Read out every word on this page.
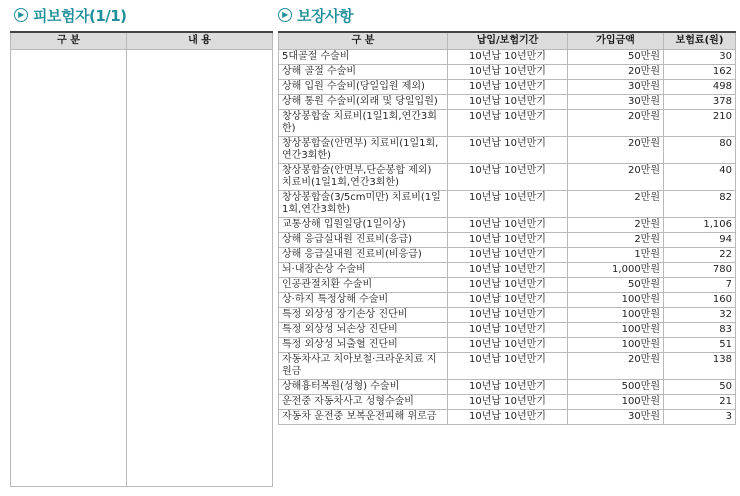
▶ 피보험자(1/1)	▶ 보장사항
구 분	내 용
		구 분	납입/보험기간	가입금액	보험료(원)
5대골절 수술비	10년납 10년만기	50만원	30
상해 골절 수술비	10년납 10년만기	20만원	162
상해 입원 수술비(당일입원 제외)	10년납 10년만기	30만원	498
상해 통원 수술비(외래 및 당일입원)	10년납 10년만기	30만원	378
창상봉합술 치료비(1일1회,연간3회한)	10년납 10년만기	20만원	210
창상봉합술(안면부) 치료비(1일1회,연간3회한)	10년납 10년만기	20만원	80
창상봉합술(안면부,단순봉합 제외) 치료비(1일1회,연간3회한)	10년납 10년만기	20만원	40
창상봉합술(3/5cm미만) 치료비(1일1회,연간3회한)	10년납 10년만기	2만원	82
교통상해 입원일당(1일이상)	10년납 10년만기	2만원	1,106
상해 응급실내원 진료비(응급)	10년납 10년만기	2만원	94
상해 응급실내원 진료비(비응급)	10년납 10년만기	1만원	22
뇌·내장손상 수술비	10년납 10년만기	1,000만원	780
인공관절치환 수술비	10년납 10년만기	50만원	7
상·하지 특정상해 수술비	10년납 10년만기	100만원	160
특정 외상성 장기손상 진단비	10년납 10년만기	100만원	32
특정 외상성 뇌손상 진단비	10년납 10년만기	100만원	83
특정 외상성 뇌출혈 진단비	10년납 10년만기	100만원	51
자동차사고 치아보철·크라운치료 지원금	10년납 10년만기	20만원	138
상해흉터복원(성형) 수술비	10년납 10년만기	500만원	50
운전중 자동차사고 성형수술비	10년납 10년만기	100만원	21
자동차 운전중 보복운전피해 위로금	10년납 10년만기	30만원	3
